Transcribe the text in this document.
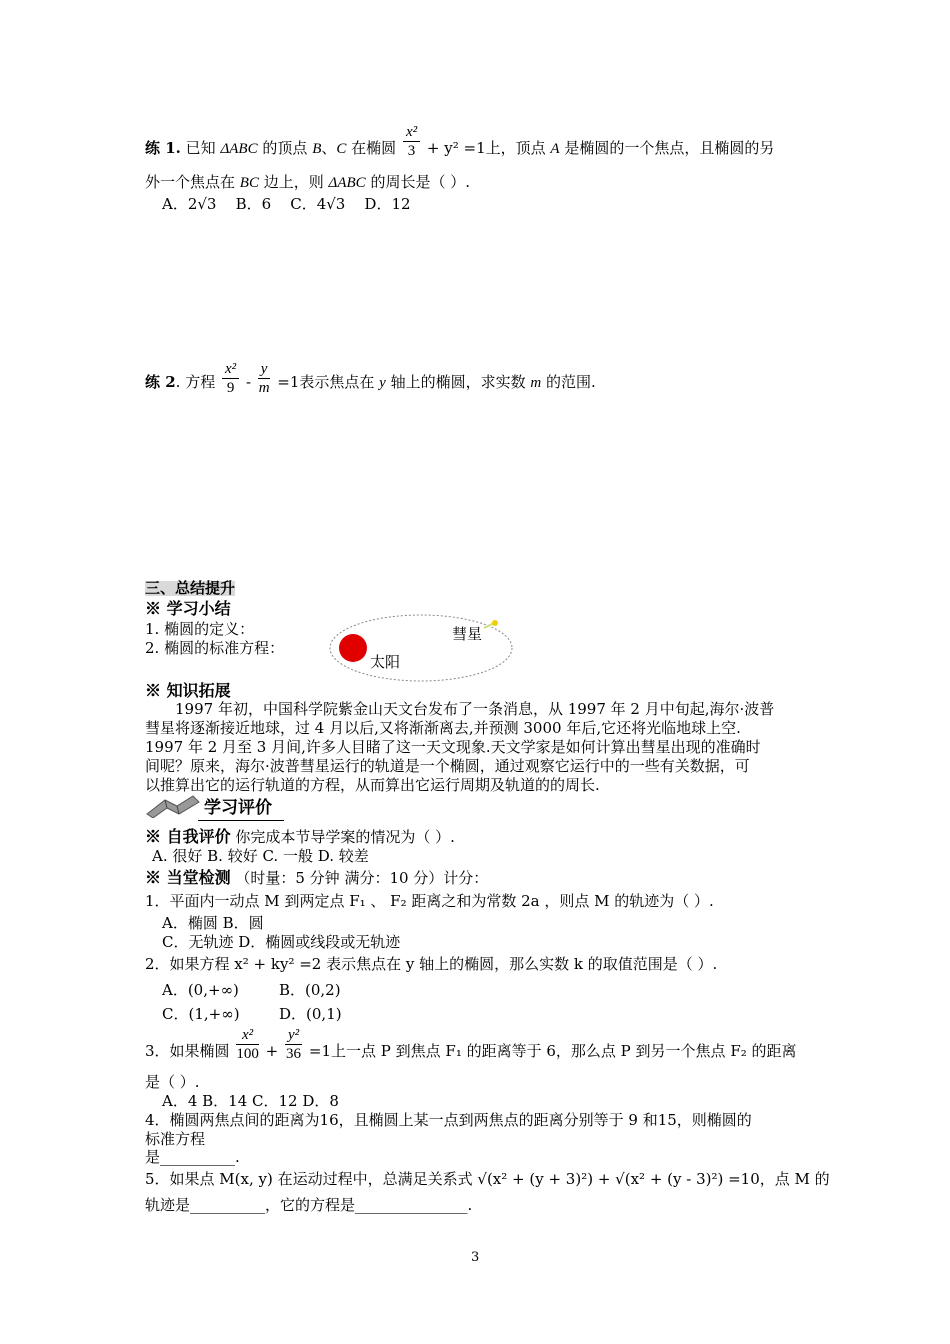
练 1. 已知 ΔABC 的顶点 B、C 在椭圆 $\frac{\text{x²}}{3} + y^2 =1$上，顶点 A 是椭圆的一个焦点，且椭圆的另
外一个焦点在 BC 边上，则 ΔABC 的周长是（ ）.
A．2√3 B．6 C．4√3 D．12
练 2. 方程 $\frac{\text{x²}}{9} - \frac{y}{m} =1$表示焦点在 y 轴上的椭圆，求实数 m 的范围.
三、总结提升
※ 学习小结
1. 椭圆的定义：
2. 椭圆的标准方程：
彗星
太阳
※ 知识拓展
1997 年初，中国科学院紫金山天文台发布了一条消息，从 1997 年 2 月中旬起,海尔·波普
彗星将逐渐接近地球，过 4 月以后,又将渐渐离去,并预测 3000 年后,它还将光临地球上空.
1997 年 2 月至 3 月间,许多人目睹了这一天文现象.天文学家是如何计算出彗星出现的准确时
间呢？原来，海尔·波普彗星运行的轨道是一个椭圆，通过观察它运行中的一些有关数据，可
以推算出它的运行轨道的方程，从而算出它运行周期及轨道的的周长.
学习评价
※ 自我评价 你完成本节导学案的情况为（ ）.
A. 很好 B. 较好 C. 一般 D. 较差
※ 当堂检测 （时量：5 分钟 满分：10 分）计分：
1．平面内一动点 M 到两定点 F₁ 、 F₂ 距离之和为常数 2a ，则点 M 的轨迹为（ ）.
A．椭圆 B．圆
C．无轨迹 D．椭圆或线段或无轨迹
2．如果方程 x² + ky² =2 表示焦点在 y 轴上的椭圆，那么实数 k 的取值范围是（ ）.
A．(0,+∞)	B．(0,2)
C．(1,+∞)	D．(0,1)
3．如果椭圆 $\frac{\text{x²}}{100} + \frac{\text{y²}}{36} =1$上一点 P 到焦点 F₁ 的距离等于 6，那么点 P 到另一个焦点 F₂ 的距离
是（ ）.
A．4 B．14 C．12 D．8
4．椭圆两焦点间的距离为16，且椭圆上某一点到两焦点的距离分别等于 9 和15，则椭圆的
标准方程
是__________.
5．如果点 M(x, y) 在运动过程中，总满足关系式 √(x² + (y + 3)²) + √(x² + (y - 3)²) =10，点 M 的
轨迹是__________，它的方程是_______________.
3
